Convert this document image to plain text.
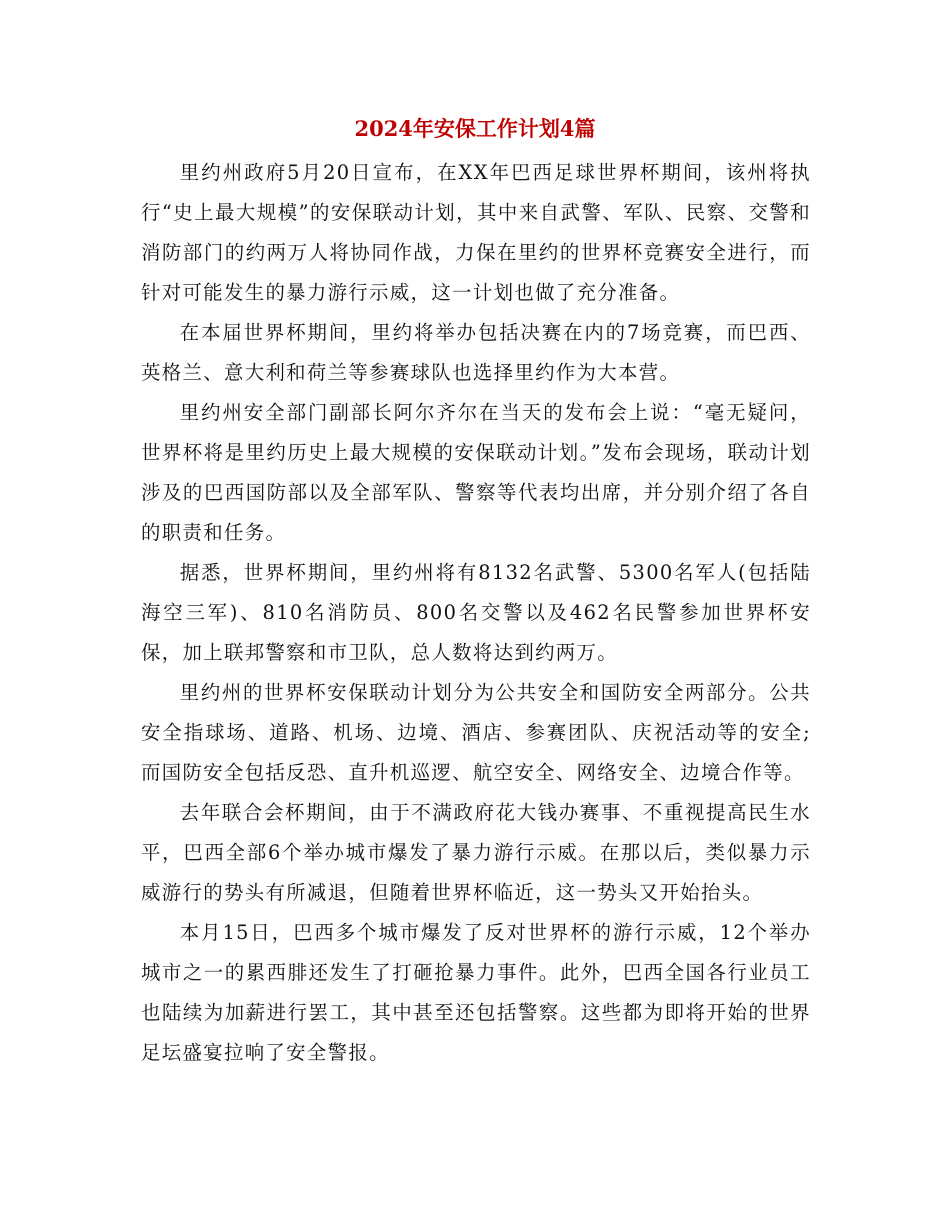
2024年安保工作计划4篇

里约州政府5月20日宣布，在XX年巴西足球世界杯期间，该州将执行“史上最大规模”的安保联动计划，其中来自武警、军队、民察、交警和消防部门的约两万人将协同作战，力保在里约的世界杯竞赛安全进行，而针对可能发生的暴力游行示威，这一计划也做了充分准备。

在本届世界杯期间，里约将举办包括决赛在内的7场竞赛，而巴西、英格兰、意大利和荷兰等参赛球队也选择里约作为大本营。

里约州安全部门副部长阿尔齐尔在当天的发布会上说：“毫无疑问，世界杯将是里约历史上最大规模的安保联动计划。”发布会现场，联动计划涉及的巴西国防部以及全部军队、警察等代表均出席，并分别介绍了各自的职责和任务。

据悉，世界杯期间，里约州将有8132名武警、5300名军人(包括陆海空三军)、810名消防员、800名交警以及462名民警参加世界杯安保，加上联邦警察和市卫队，总人数将达到约两万。

里约州的世界杯安保联动计划分为公共安全和国防安全两部分。公共安全指球场、道路、机场、边境、酒店、参赛团队、庆祝活动等的安全;而国防安全包括反恐、直升机巡逻、航空安全、网络安全、边境合作等。

去年联合会杯期间，由于不满政府花大钱办赛事、不重视提高民生水平，巴西全部6个举办城市爆发了暴力游行示威。在那以后，类似暴力示威游行的势头有所减退，但随着世界杯临近，这一势头又开始抬头。

本月15日，巴西多个城市爆发了反对世界杯的游行示威，12个举办城市之一的累西腓还发生了打砸抢暴力事件。此外，巴西全国各行业员工也陆续为加薪进行罢工，其中甚至还包括警察。这些都为即将开始的世界足坛盛宴拉响了安全警报。
